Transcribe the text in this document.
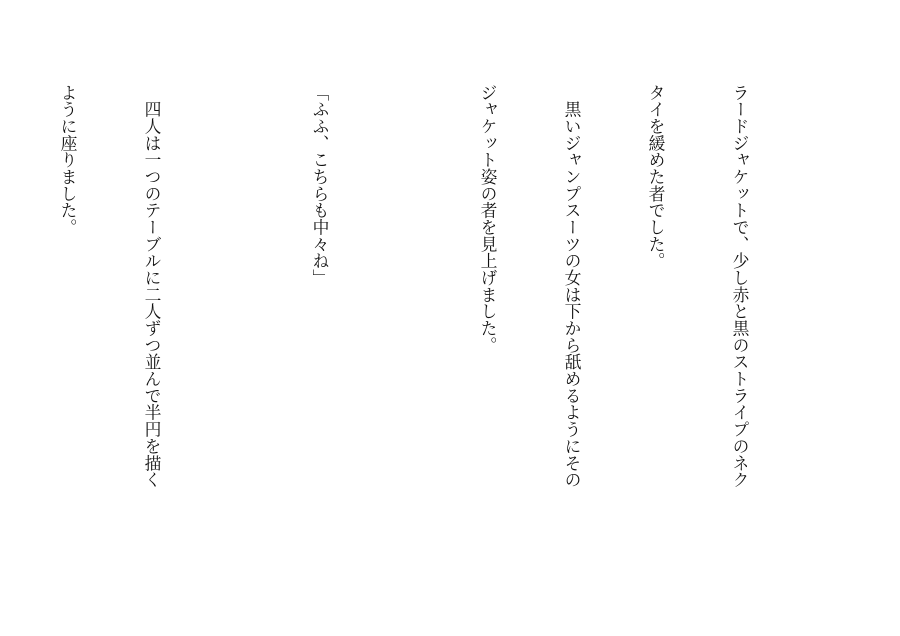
ラードジャケットで、少し赤と黒のストライプのネク

タイを緩めた者でした。

　黒いジャンプスーツの女は下から舐めるようにその

ジャケット姿の者を見上げました。

「ふふ、こちらも中々ね」

　四人は一つのテーブルに二人ずつ並んで半円を描く

ように座りました。
